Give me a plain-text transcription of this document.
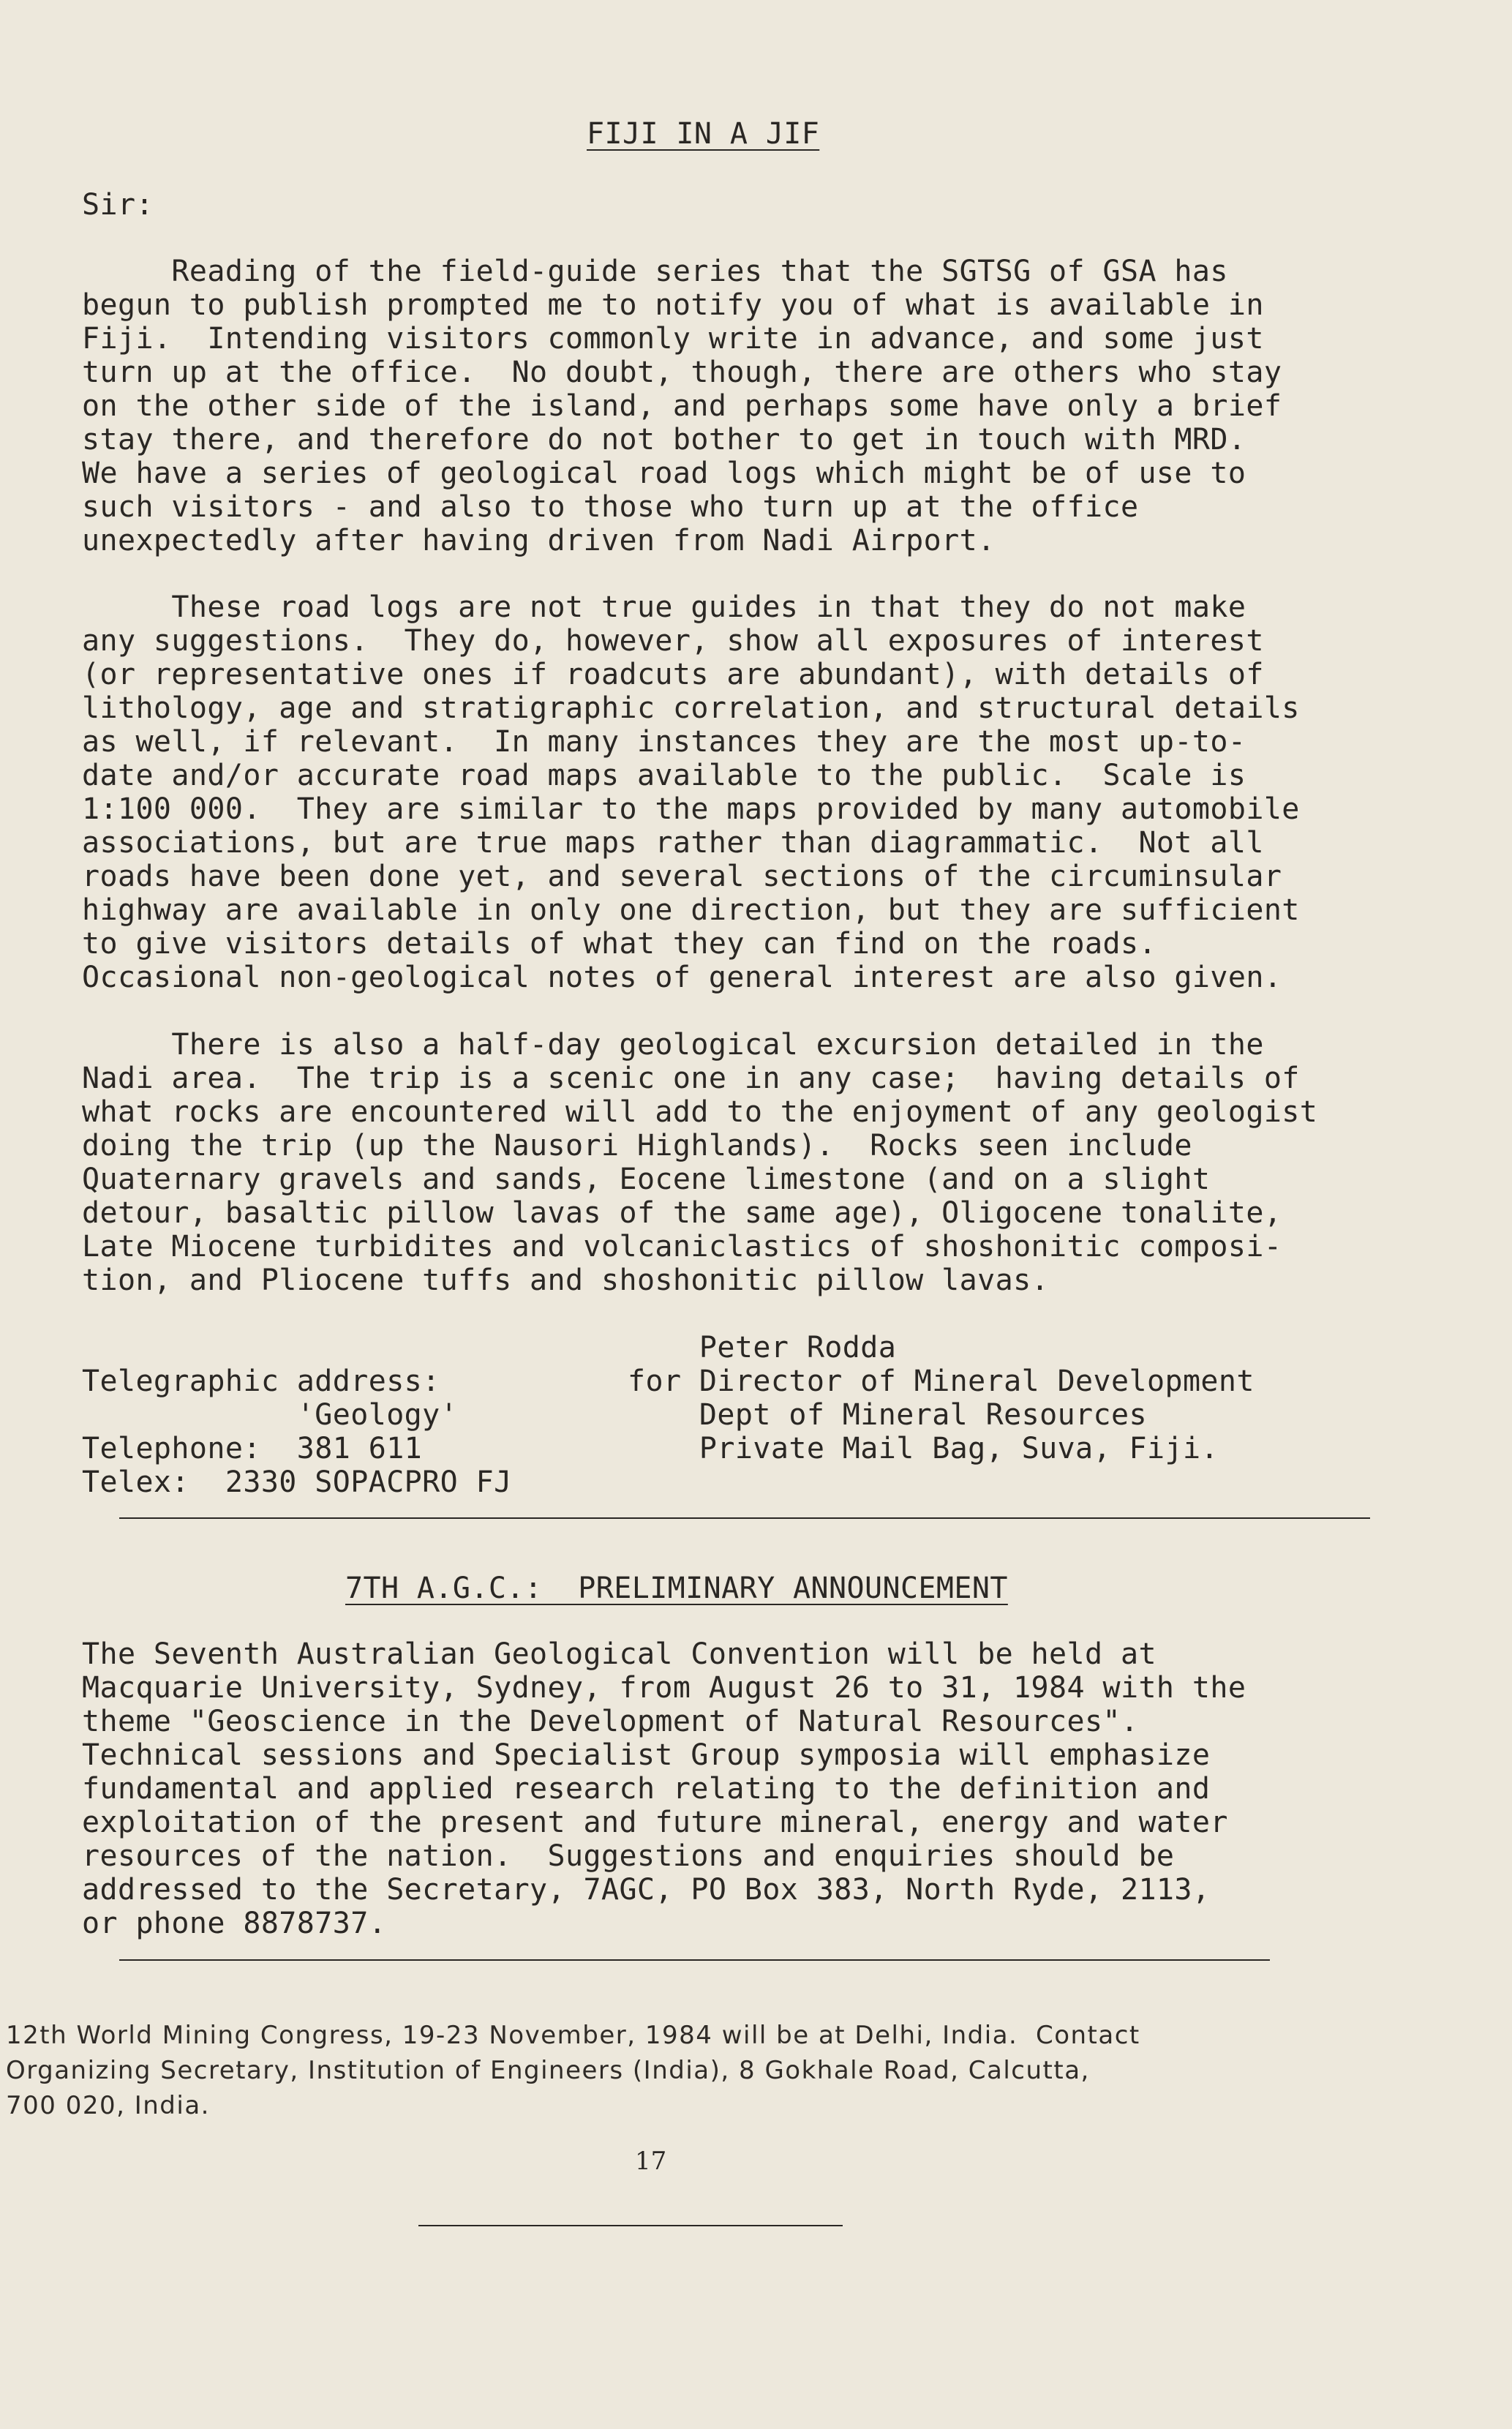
FIJI IN A JIF

Sir:

Reading of the field-guide series that the SGTSG of GSA has
begun to publish prompted me to notify you of what is available in
Fiji.  Intending visitors commonly write in advance, and some just
turn up at the office.  No doubt, though, there are others who stay
on the other side of the island, and perhaps some have only a brief
stay there, and therefore do not bother to get in touch with MRD.
We have a series of geological road logs which might be of use to
such visitors - and also to those who turn up at the office
unexpectedly after having driven from Nadi Airport.

These road logs are not true guides in that they do not make
any suggestions.  They do, however, show all exposures of interest
(or representative ones if roadcuts are abundant), with details of
lithology, age and stratigraphic correlation, and structural details
as well, if relevant.  In many instances they are the most up-to-
date and/or accurate road maps available to the public.  Scale is
1:100 000.  They are similar to the maps provided by many automobile
associations, but are true maps rather than diagrammatic.  Not all
roads have been done yet, and several sections of the circuminsular
highway are available in only one direction, but they are sufficient
to give visitors details of what they can find on the roads.
Occasional non-geological notes of general interest are also given.

There is also a half-day geological excursion detailed in the
Nadi area.  The trip is a scenic one in any case;  having details of
what rocks are encountered will add to the enjoyment of any geologist
doing the trip (up the Nausori Highlands).  Rocks seen include
Quaternary gravels and sands, Eocene limestone (and on a slight
detour, basaltic pillow lavas of the same age), Oligocene tonalite,
Late Miocene turbidites and volcaniclastics of shoshonitic composi-
tion, and Pliocene tuffs and shoshonitic pillow lavas.

Telegraphic address:
'Geology'
Telephone:  381 611
Telex:  2330 SOPACPRO FJ

Peter Rodda
for Director of Mineral Development
Dept of Mineral Resources
Private Mail Bag, Suva, Fiji.

7TH A.G.C.:  PRELIMINARY ANNOUNCEMENT

The Seventh Australian Geological Convention will be held at
Macquarie University, Sydney, from August 26 to 31, 1984 with the
theme "Geoscience in the Development of Natural Resources".
Technical sessions and Specialist Group symposia will emphasize
fundamental and applied research relating to the definition and
exploitation of the present and future mineral, energy and water
resources of the nation.  Suggestions and enquiries should be
addressed to the Secretary, 7AGC, PO Box 383, North Ryde, 2113,
or phone 8878737.

12th World Mining Congress, 19-23 November, 1984 will be at Delhi, India.  Contact
Organizing Secretary, Institution of Engineers (India), 8 Gokhale Road, Calcutta,
700 020, India.

17
